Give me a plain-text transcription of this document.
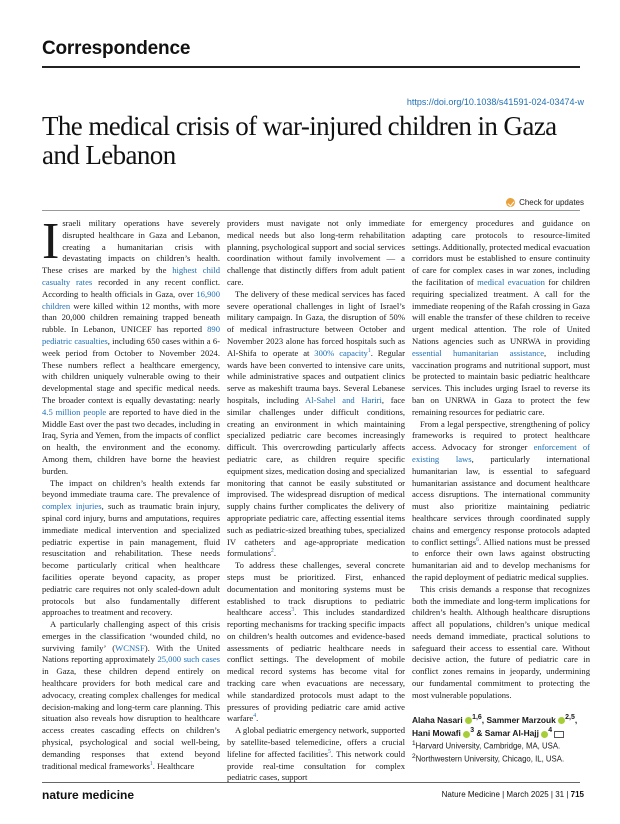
Correspondence
https://doi.org/10.1038/s41591-024-03474-w
The medical crisis of war-injured children in Gaza and Lebanon
Check for updates

Israeli military operations have severely disrupted healthcare in Gaza and Lebanon, creating a humanitarian crisis with devastating impacts on children’s health. These crises are marked by the highest child casualty rates recorded in any recent conflict. According to health officials in Gaza, over 16,900 children were killed within 12 months, with more than 20,000 children remaining trapped beneath rubble. In Lebanon, UNICEF has reported 890 pediatric casualties, including 650 cases within a 6-week period from October to November 2024. These numbers reflect a healthcare emergency, with children uniquely vulnerable owing to their developmental stage and specific medical needs. The broader context is equally devastating: nearly 4.5 million people are reported to have died in the Middle East over the past two decades, including in Iraq, Syria and Yemen, from the impacts of conflict on health, the environment and the economy. Among them, children have borne the heaviest burden.

The impact on children’s health extends far beyond immediate trauma care. The prevalence of complex injuries, such as traumatic brain injury, spinal cord injury, burns and amputations, requires immediate medical intervention and specialized pediatric expertise in pain management, fluid resuscitation and rehabilitation. These needs become particularly critical when healthcare facilities operate beyond capacity, as proper pediatric care requires not only scaled-down adult protocols but also fundamentally different approaches to treatment and recovery.

A particularly challenging aspect of this crisis emerges in the classification ‘wounded child, no surviving family’ (WCNSF). With the United Nations reporting approximately 25,000 such cases in Gaza, these children depend entirely on healthcare providers for both medical care and advocacy, creating complex challenges for medical decision-making and long-term care planning. This situation also reveals how disruption to healthcare access creates cascading effects on children’s physical, psychological and social well-being, demanding responses that extend beyond traditional medical frameworks$^1$. Healthcare

providers must navigate not only immediate medical needs but also long-term rehabilitation planning, psychological support and social services coordination without family involvement — a challenge that distinctly differs from adult patient care.

The delivery of these medical services has faced severe operational challenges in light of Israel’s military campaign. In Gaza, the disruption of 50% of medical infrastructure between October and November 2023 alone has forced hospitals such as Al-Shifa to operate at 300% capacity$^1$. Regular wards have been converted to intensive care units, while administrative spaces and outpatient clinics serve as makeshift trauma bays. Several Lebanese hospitals, including Al-Sahel and Hariri, face similar challenges under difficult conditions, creating an environment in which maintaining specialized pediatric care becomes increasingly difficult. This overcrowding particularly affects pediatric care, as children require specific equipment sizes, medication dosing and specialized monitoring that cannot be easily substituted or improvised. The widespread disruption of medical supply chains further complicates the delivery of appropriate pediatric care, affecting essential items such as pediatric-sized breathing tubes, specialized IV catheters and age-appropriate medication formulations$^2$.

To address these challenges, several concrete steps must be prioritized. First, enhanced documentation and monitoring systems must be established to track disruptions to pediatric healthcare access$^3$. This includes standardized reporting mechanisms for tracking specific impacts on children’s health outcomes and evidence-based assessments of pediatric healthcare needs in conflict settings. The development of mobile medical record systems has become vital for tracking care when evacuations are necessary, while standardized protocols must adapt to the pressures of providing pediatric care amid active warfare$^4$.

A global pediatric emergency network, supported by satellite-based telemedicine, offers a crucial lifeline for affected facilities$^5$. This network could provide real-time consultation for complex pediatric cases, support

for emergency procedures and guidance on adapting care protocols to resource-limited settings. Additionally, protected medical evacuation corridors must be established to ensure continuity of care for complex cases in war zones, including the facilitation of medical evacuation for children requiring specialized treatment. A call for the immediate reopening of the Rafah crossing in Gaza will enable the transfer of these children to receive urgent medical attention. The role of United Nations agencies such as UNRWA in providing essential humanitarian assistance, including vaccination programs and nutritional support, must be protected to maintain basic pediatric healthcare services. This includes urging Israel to reverse its ban on UNRWA in Gaza to protect the few remaining resources for pediatric care.

From a legal perspective, strengthening of policy frameworks is required to protect healthcare access. Advocacy for stronger enforcement of existing laws, particularly international humanitarian law, is essential to safeguard humanitarian assistance and document healthcare access disruptions. The international community must also prioritize maintaining pediatric healthcare services through coordinated supply chains and emergency response protocols adapted to conflict settings$^6$. Allied nations must be pressed to enforce their own laws against obstructing humanitarian aid and to develop mechanisms for the rapid deployment of pediatric medical supplies.

This crisis demands a response that recognizes both the immediate and long-term implications for children’s health. Although healthcare disruptions affect all populations, children’s unique medical needs demand immediate, practical solutions to safeguard their access to essential care. Without decisive action, the future of pediatric care in conflict zones remains in jeopardy, undermining our fundamental commitment to protecting the most vulnerable populations.

Alaha Nasari $^{1,6}$, Sammer Marzouk $^{2,5}$, Hani Mowafi $^3$ & Samar Al-Hajj $^4$
$^1$Harvard University, Cambridge, MA, USA.
$^2$Northwestern University, Chicago, IL, USA.
nature medicine	Nature Medicine | March 2025 | 31 | 715
